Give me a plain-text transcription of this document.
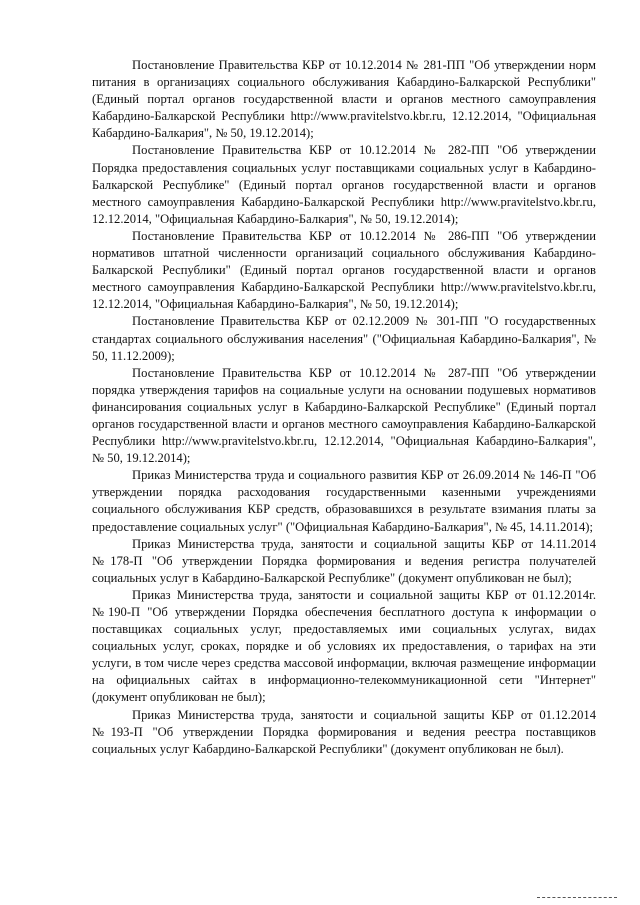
Постановление Правительства КБР от 10.12.2014 № 281-ПП "Об утверждении норм питания в организациях социального обслуживания Кабардино-Балкарской Республики" (Единый портал органов государственной власти и органов местного самоуправления Кабардино-Балкарской Республики http://www.pravitelstvo.kbr.ru, 12.12.2014, "Официальная Кабардино-Балкария", № 50, 19.12.2014);

Постановление Правительства КБР от 10.12.2014 № 282-ПП "Об утверждении Порядка предоставления социальных услуг поставщиками социальных услуг в Кабардино-Балкарской Республике" (Единый портал органов государственной власти и органов местного самоуправления Кабардино-Балкарской Республики http://www.pravitelstvo.kbr.ru, 12.12.2014, "Официальная Кабардино-Балкария", № 50, 19.12.2014);

Постановление Правительства КБР от 10.12.2014 № 286-ПП "Об утверждении нормативов штатной численности организаций социального обслуживания Кабардино-Балкарской Республики" (Единый портал органов государственной власти и органов местного самоуправления Кабардино-Балкарской Республики http://www.pravitelstvo.kbr.ru, 12.12.2014, "Официальная Кабардино-Балкария", № 50, 19.12.2014);

Постановление Правительства КБР от 02.12.2009 № 301-ПП "О государственных стандартах социального обслуживания населения" ("Официальная Кабардино-Балкария", № 50, 11.12.2009);

Постановление Правительства КБР от 10.12.2014 № 287-ПП "Об утверждении порядка утверждения тарифов на социальные услуги на основании подушевых нормативов финансирования социальных услуг в Кабардино-Балкарской Республике" (Единый портал органов государственной власти и органов местного самоуправления Кабардино-Балкарской Республики http://www.pravitelstvo.kbr.ru, 12.12.2014, "Официальная Кабардино-Балкария", № 50, 19.12.2014);

Приказ Министерства труда и социального развития КБР от 26.09.2014 № 146-П "Об утверждении порядка расходования государственными казенными учреждениями социального обслуживания КБР средств, образовавшихся в результате взимания платы за предоставление социальных услуг" ("Официальная Кабардино-Балкария", № 45, 14.11.2014);

Приказ Министерства труда, занятости и социальной защиты КБР от 14.11.2014 №178-П "Об утверждении Порядка формирования и ведения регистра получателей социальных услуг в Кабардино-Балкарской Республике" (документ опубликован не был);

Приказ Министерства труда, занятости и социальной защиты КБР от 01.12.2014г. №190-П "Об утверждении Порядка обеспечения бесплатного доступа к информации о поставщиках социальных услуг, предоставляемых ими социальных услугах, видах социальных услуг, сроках, порядке и об условиях их предоставления, о тарифах на эти услуги, в том числе через средства массовой информации, включая размещение информации на официальных сайтах в информационно-телекоммуникационной сети "Интернет" (документ опубликован не был);

Приказ Министерства труда, занятости и социальной защиты КБР от 01.12.2014 №193-П "Об утверждении Порядка формирования и ведения реестра поставщиков социальных услуг Кабардино-Балкарской Республики" (документ опубликован не был).
